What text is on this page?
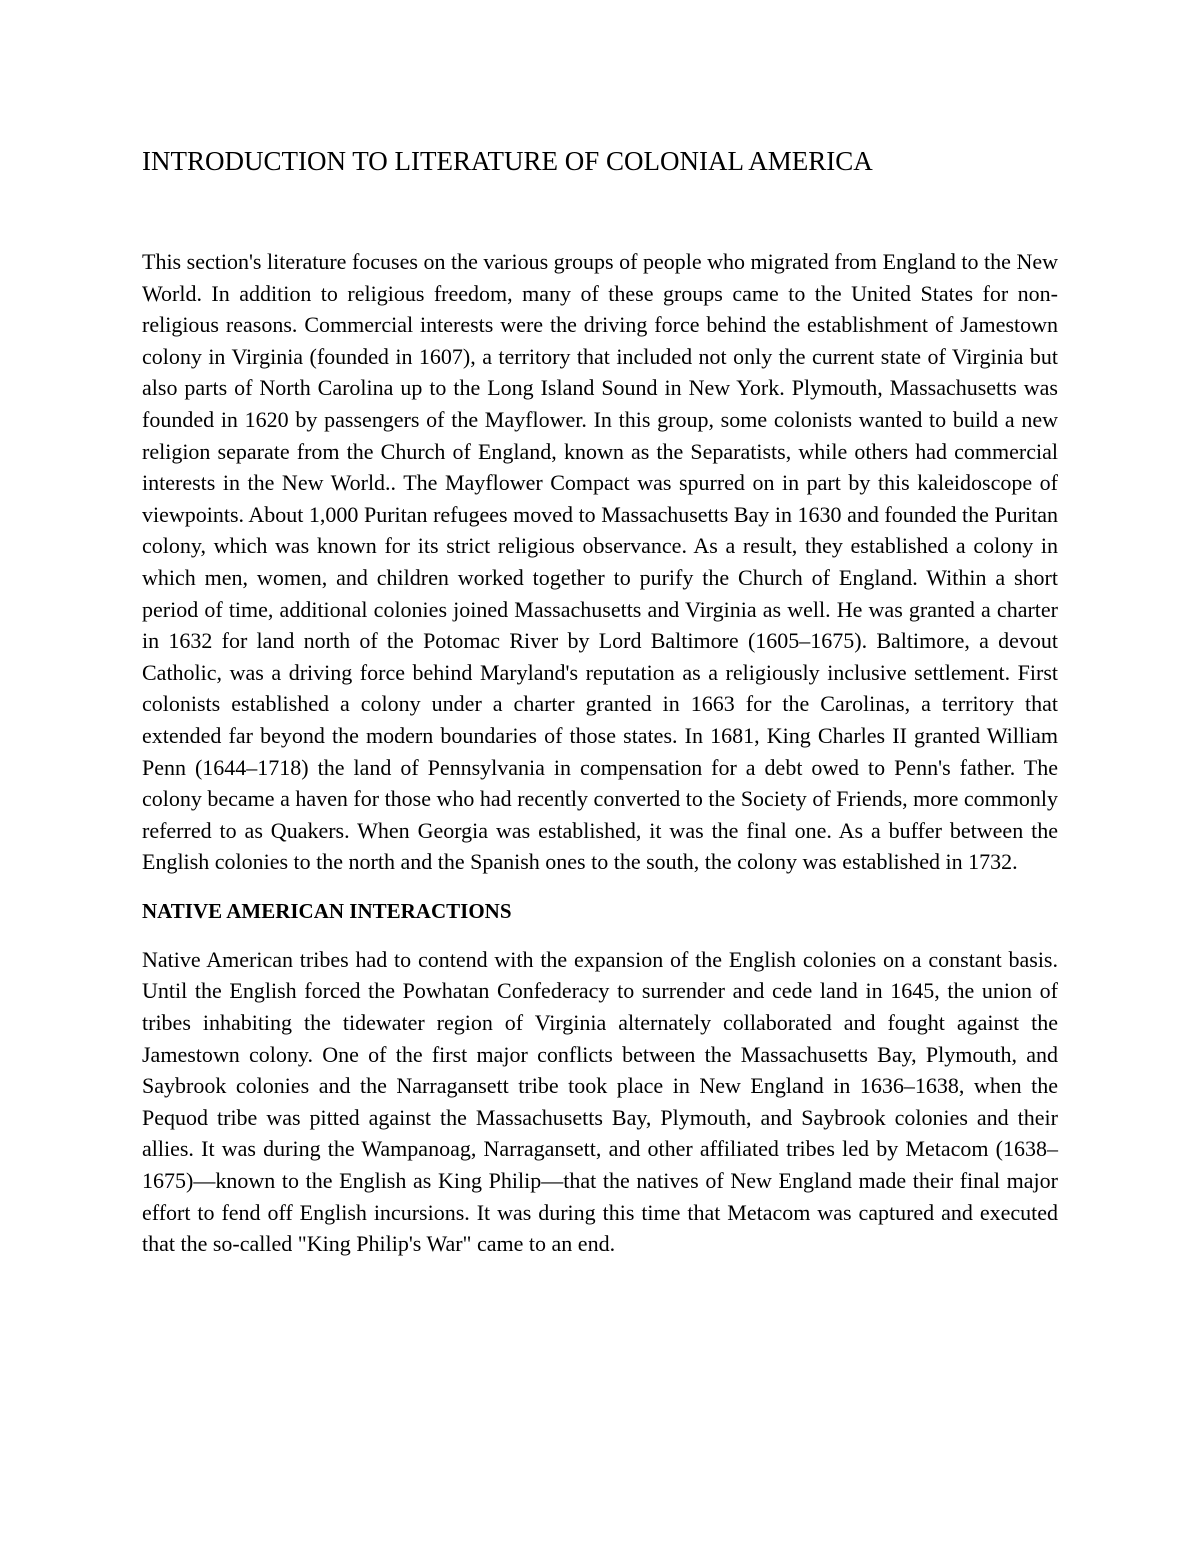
INTRODUCTION TO LITERATURE OF COLONIAL AMERICA

This section's literature focuses on the various groups of people who migrated from England to the New World. In addition to religious freedom, many of these groups came to the United States for non-religious reasons. Commercial interests were the driving force behind the establishment of Jamestown colony in Virginia (founded in 1607), a territory that included not only the current state of Virginia but also parts of North Carolina up to the Long Island Sound in New York. Plymouth, Massachusetts was founded in 1620 by passengers of the Mayflower. In this group, some colonists wanted to build a new religion separate from the Church of England, known as the Separatists, while others had commercial interests in the New World.. The Mayflower Compact was spurred on in part by this kaleidoscope of viewpoints. About 1,000 Puritan refugees moved to Massachusetts Bay in 1630 and founded the Puritan colony, which was known for its strict religious observance. As a result, they established a colony in which men, women, and children worked together to purify the Church of England. Within a short period of time, additional colonies joined Massachusetts and Virginia as well. He was granted a charter in 1632 for land north of the Potomac River by Lord Baltimore (1605–1675). Baltimore, a devout Catholic, was a driving force behind Maryland's reputation as a religiously inclusive settlement. First colonists established a colony under a charter granted in 1663 for the Carolinas, a territory that extended far beyond the modern boundaries of those states. In 1681, King Charles II granted William Penn (1644–1718) the land of Pennsylvania in compensation for a debt owed to Penn's father. The colony became a haven for those who had recently converted to the Society of Friends, more commonly referred to as Quakers. When Georgia was established, it was the final one. As a buffer between the English colonies to the north and the Spanish ones to the south, the colony was established in 1732.

NATIVE AMERICAN INTERACTIONS

Native American tribes had to contend with the expansion of the English colonies on a constant basis. Until the English forced the Powhatan Confederacy to surrender and cede land in 1645, the union of tribes inhabiting the tidewater region of Virginia alternately collaborated and fought against the Jamestown colony. One of the first major conflicts between the Massachusetts Bay, Plymouth, and Saybrook colonies and the Narragansett tribe took place in New England in 1636–1638, when the Pequod tribe was pitted against the Massachusetts Bay, Plymouth, and Saybrook colonies and their allies. It was during the Wampanoag, Narragansett, and other affiliated tribes led by Metacom (1638–1675)—known to the English as King Philip—that the natives of New England made their final major effort to fend off English incursions. It was during this time that Metacom was captured and executed that the so-called "King Philip's War" came to an end.
